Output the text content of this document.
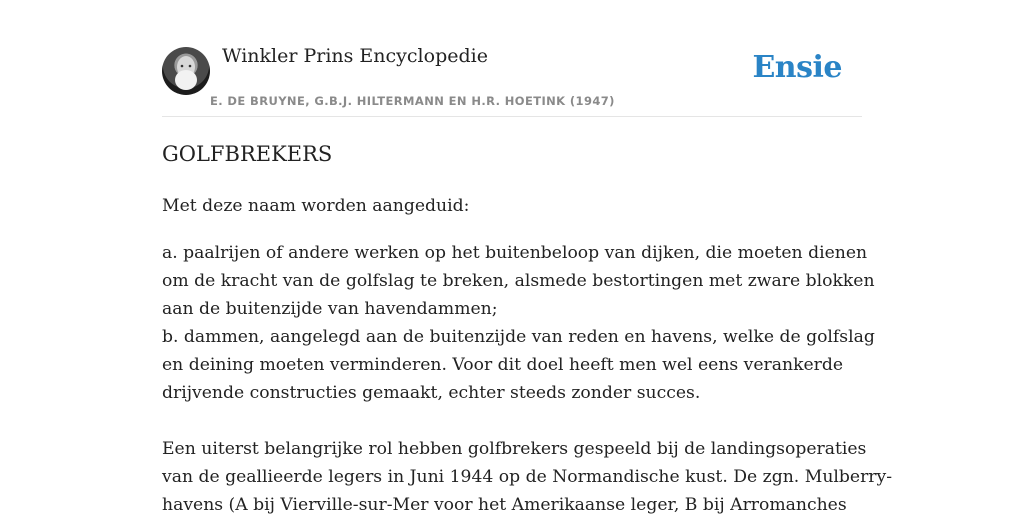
Winkler Prins Encyclopedie
E. DE BRUYNE, G.B.J. HILTERMANN EN H.R. HOETINK (1947)
Ensie
GOLFBREKERS
Met deze naam worden aangeduid:
a. paalrijen of andere werken op het buitenbeloop van dijken, die moeten dienen
om de kracht van de golfslag te breken, alsmede bestortingen met zware blokken
aan de buitenzijde van havendammen;
b. dammen, aangelegd aan de buitenzijde van reden en havens, welke de golfslag
en deining moeten verminderen. Voor dit doel heeft men wel eens verankerde
drijvende constructies gemaakt, echter steeds zonder succes.
Een uiterst belangrijke rol hebben golfbrekers gespeeld bij de landingsoperaties
van de geallieerde legers in Juni 1944 op de Normandische kust. De zgn. Mulberry-
havens (A bij Vierville-sur-Mer voor het Amerikaanse leger, B bij Arromanches
